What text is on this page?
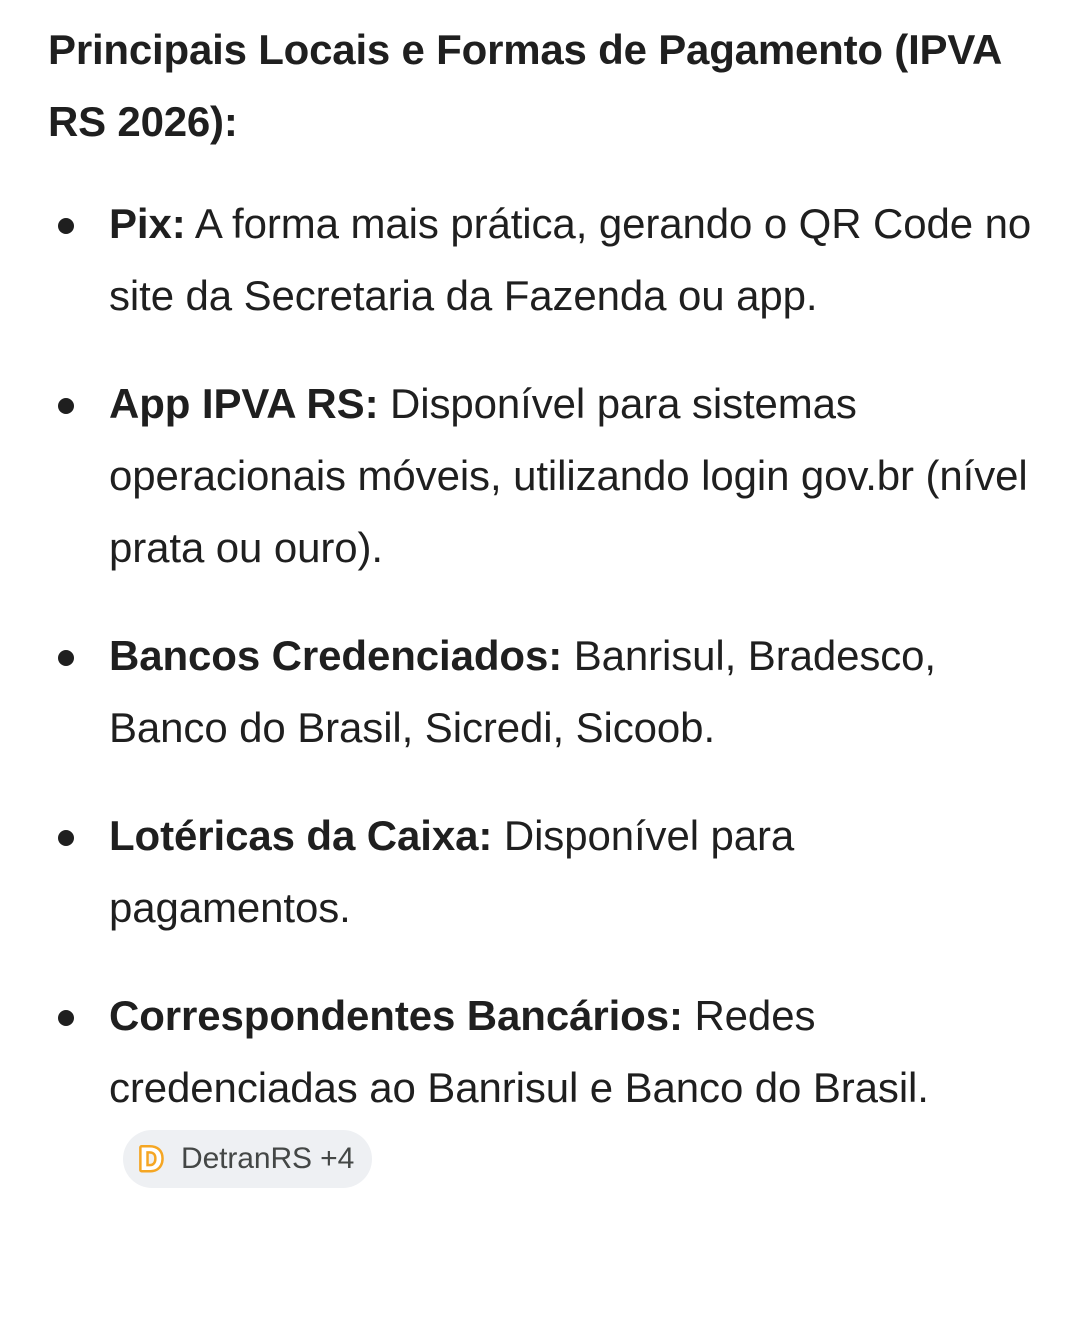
Principais Locais e Formas de Pagamento (IPVA RS 2026):
Pix: A forma mais prática, gerando o QR Code no site da Secretaria da Fazenda ou app.
App IPVA RS: Disponível para sistemas operacionais móveis, utilizando login gov.br (nível prata ou ouro).
Bancos Credenciados: Banrisul, Bradesco, Banco do Brasil, Sicredi, Sicoob.
Lotéricas da Caixa: Disponível para pagamentos.
Correspondentes Bancários: Redes credenciadas ao Banrisul e Banco do Brasil.
D DetranRS +4
